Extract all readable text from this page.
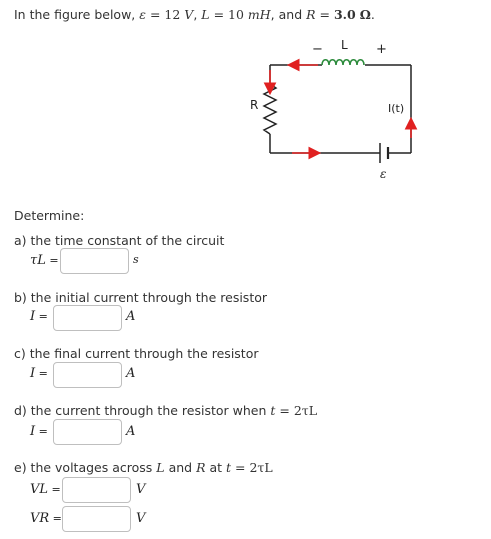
In the figure below, ε = 12 V, L = 10 mH, and R = 3.0 Ω.
L
−	+
R	I(t)
ε
Determine:
a) the time constant of the circuit
τL =	s
b) the initial current through the resistor
I =	A
c) the final current through the resistor
I =	A
d) the current through the resistor when t = 2τL
I =	A
e) the voltages across L and R at t = 2τL
VL =	V
VR =	V
